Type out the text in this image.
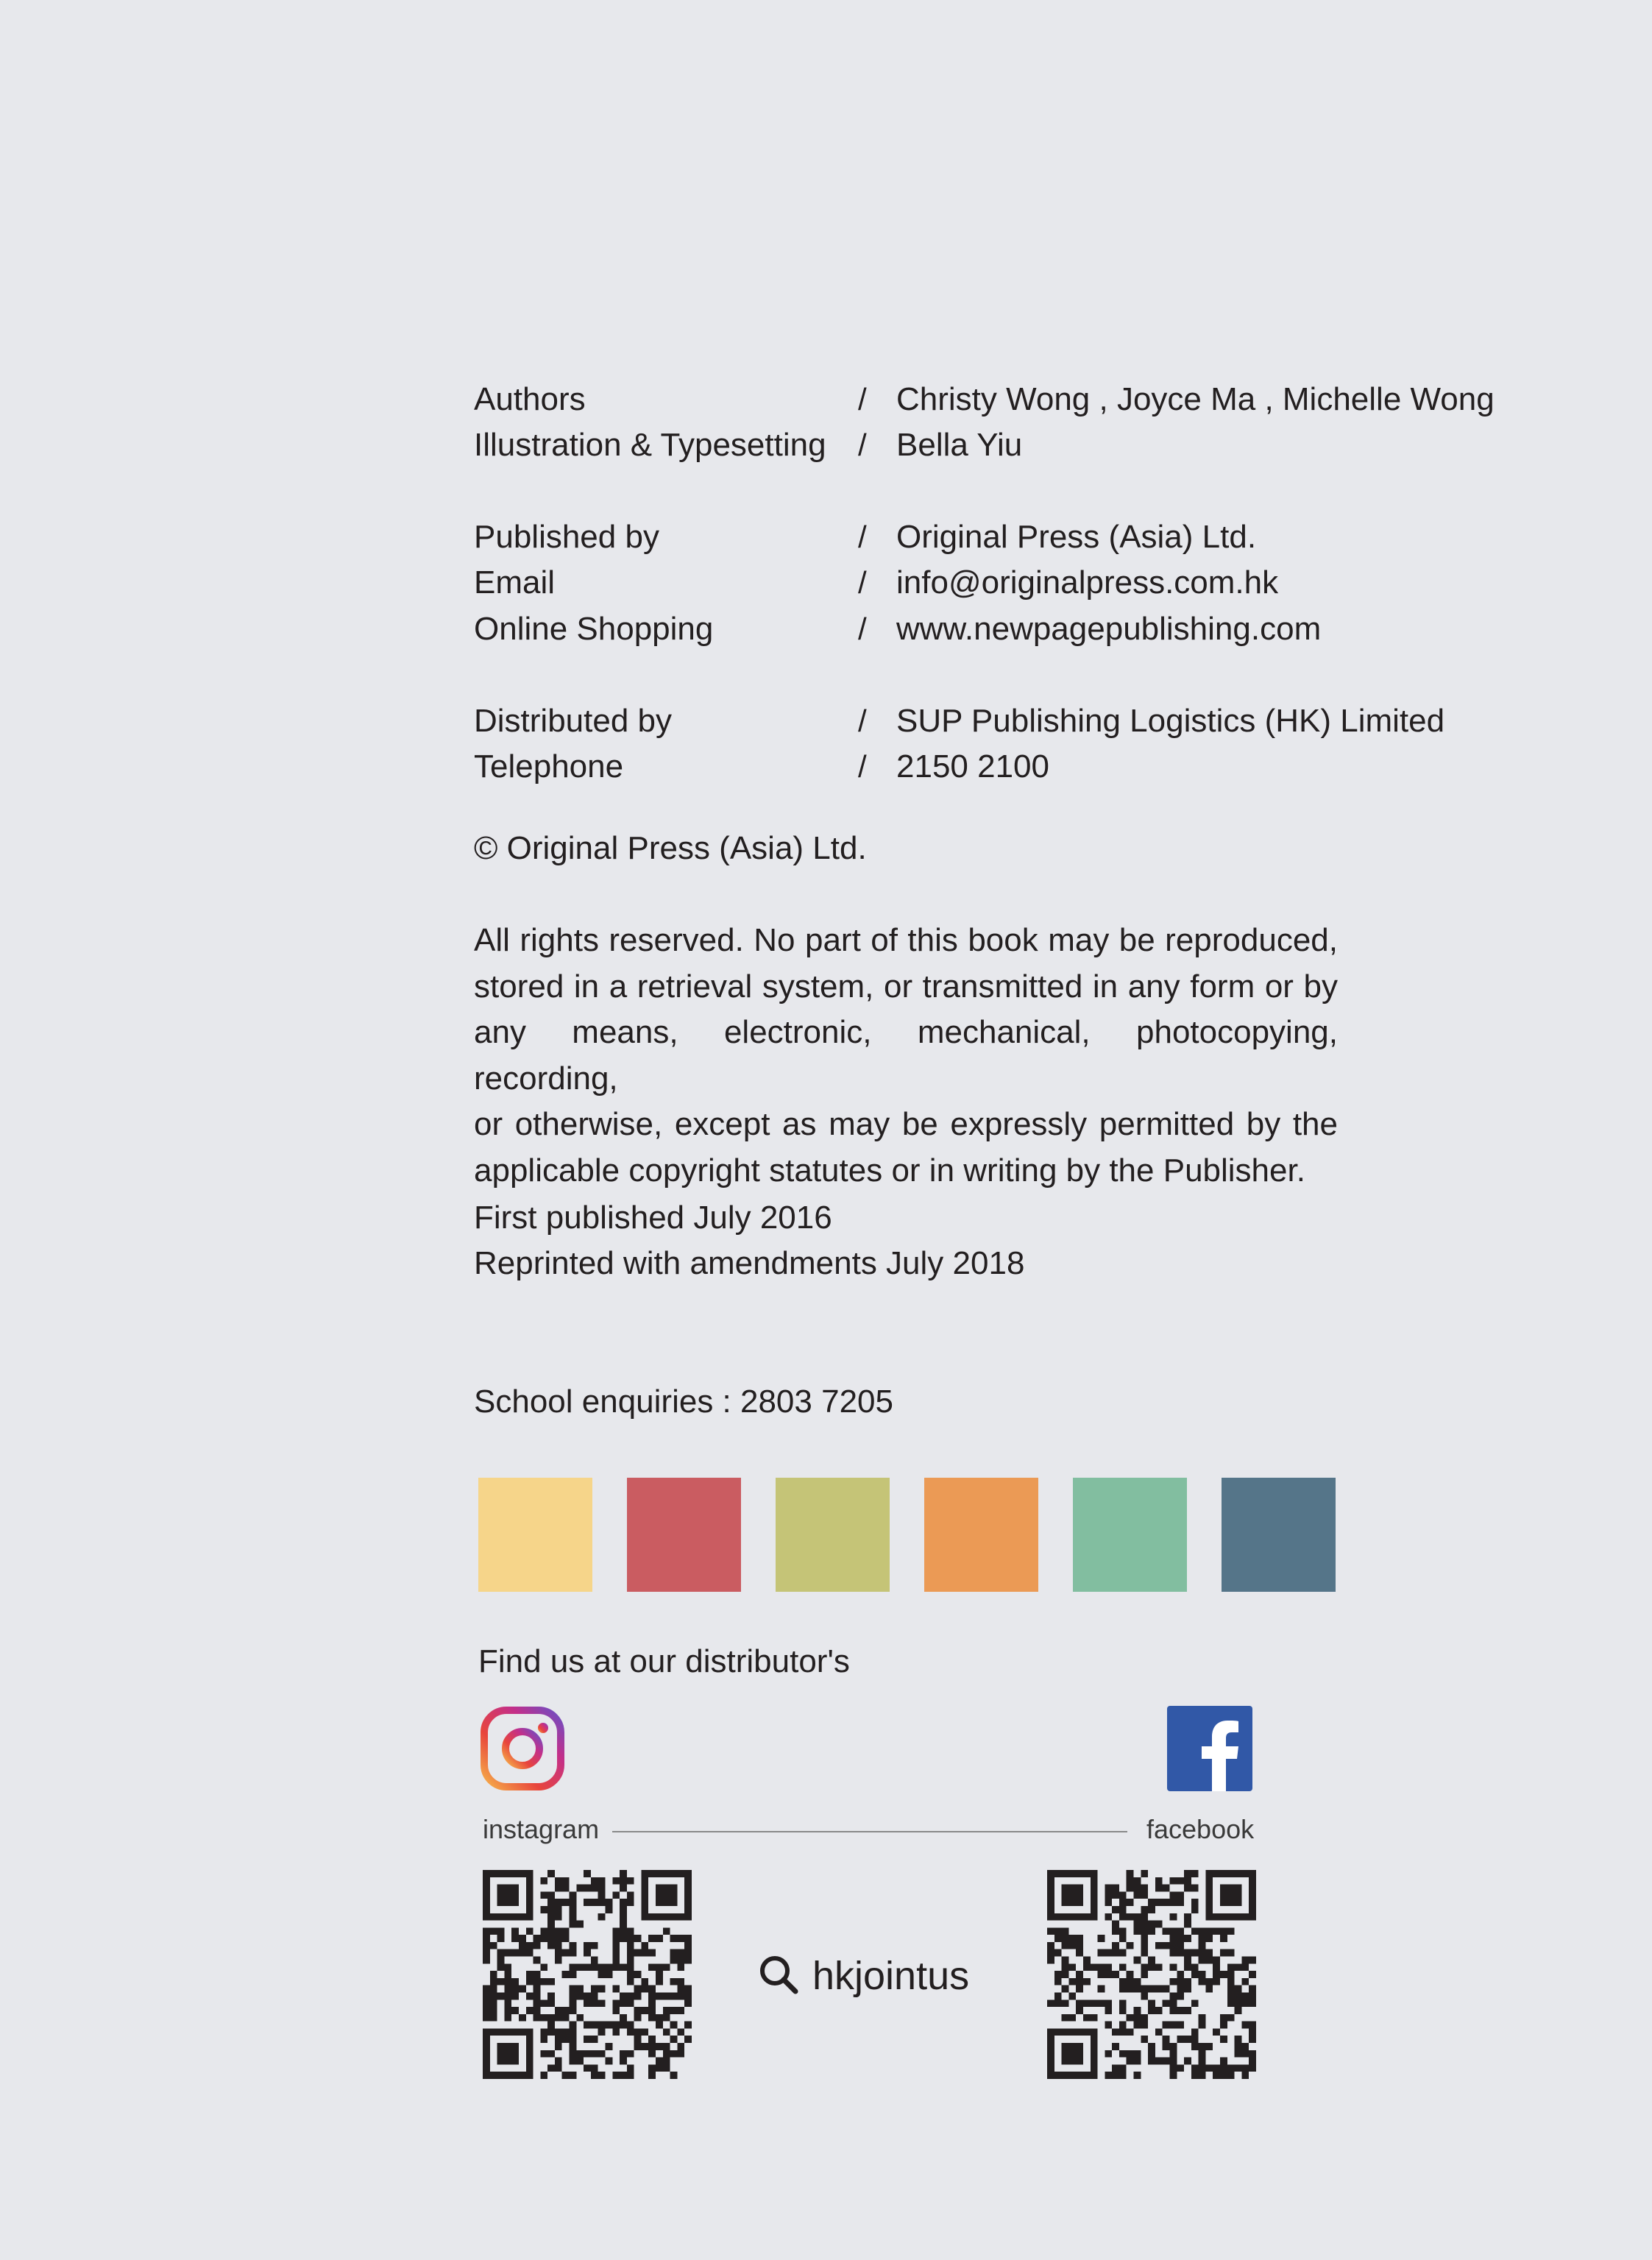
Authors	/ Christy Wong , Joyce Ma , Michelle Wong
Illustration & Typesetting / Bella Yiu
Published by	/ Original Press (Asia) Ltd.
Email	/ info@originalpress.com.hk
Online Shopping	/ www.newpagepublishing.com
Distributed by	/ SUP Publishing Logistics (HK) Limited
Telephone	/ 2150 2100
© Original Press (Asia) Ltd.
All rights reserved. No part of this book may be reproduced,
stored in a retrieval system, or transmitted in any form or by
any means, electronic, mechanical, photocopying, recording,
or otherwise, except as may be expressly permitted by the
applicable copyright statutes or in writing by the Publisher.
First published July 2016
Reprinted with amendments July 2018
School enquiries : 2803 7205
Find us at our distributor's
instagram	facebook
hkjointus
